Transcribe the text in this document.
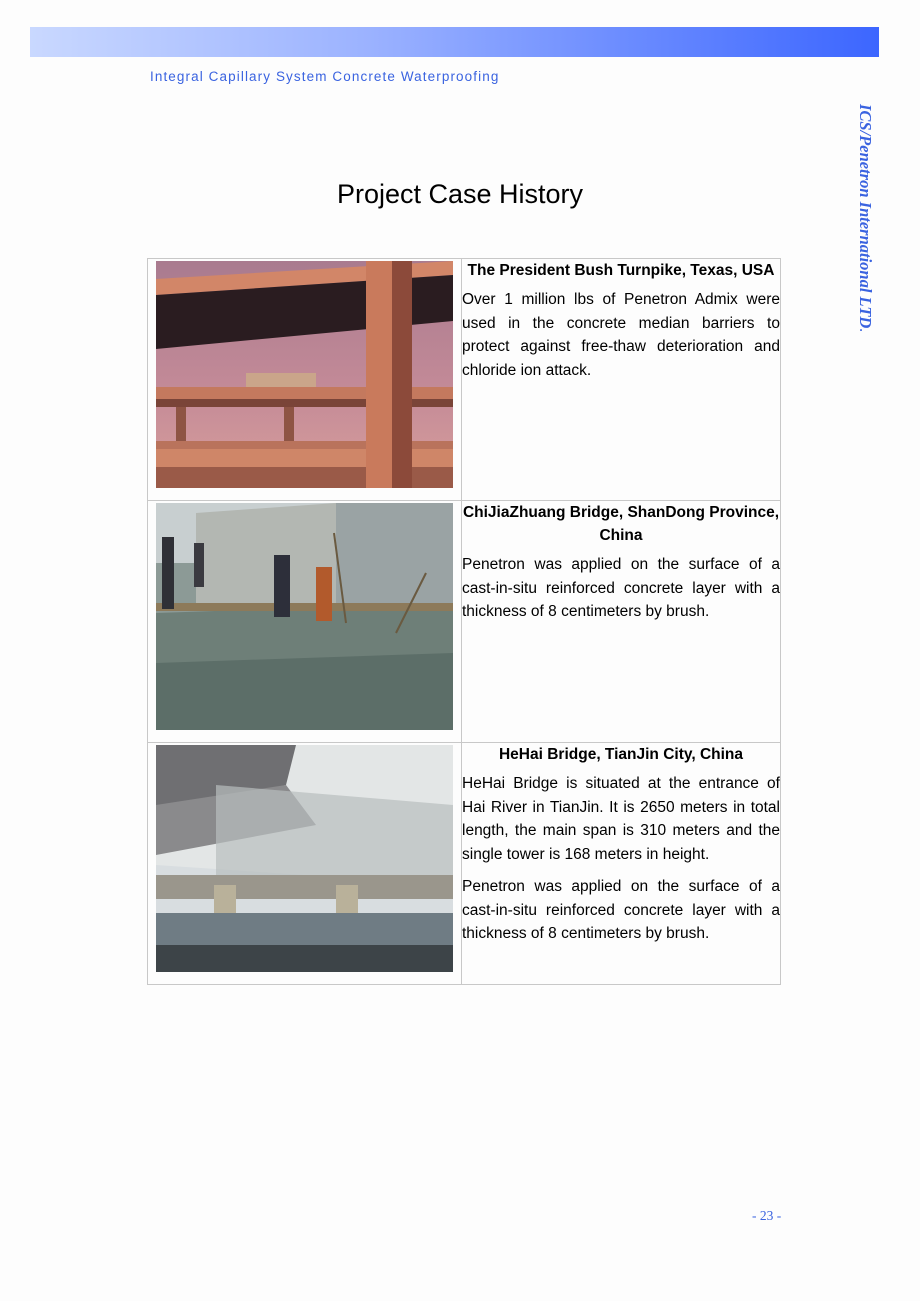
Integral Capillary System Concrete Waterproofing
ICS/Penetron International LTD.
Project Case History

The President Bush Turnpike, Texas, USA

Over 1 million lbs of Penetron Admix were used in the concrete median barriers to protect against free-thaw deterioration and chloride ion attack.

ChiJiaZhuang Bridge, ShanDong Province, China

Penetron was applied on the surface of a cast-in-situ reinforced concrete layer with a thickness of 8 centimeters by brush.

HeHai Bridge, TianJin City, China

HeHai Bridge is situated at the entrance of Hai River in TianJin. It is 2650 meters in total length, the main span is 310 meters and the single tower is 168 meters in height.

Penetron was applied on the surface of a cast-in-situ reinforced concrete layer with a thickness of 8 centimeters by brush.

- 23 -
